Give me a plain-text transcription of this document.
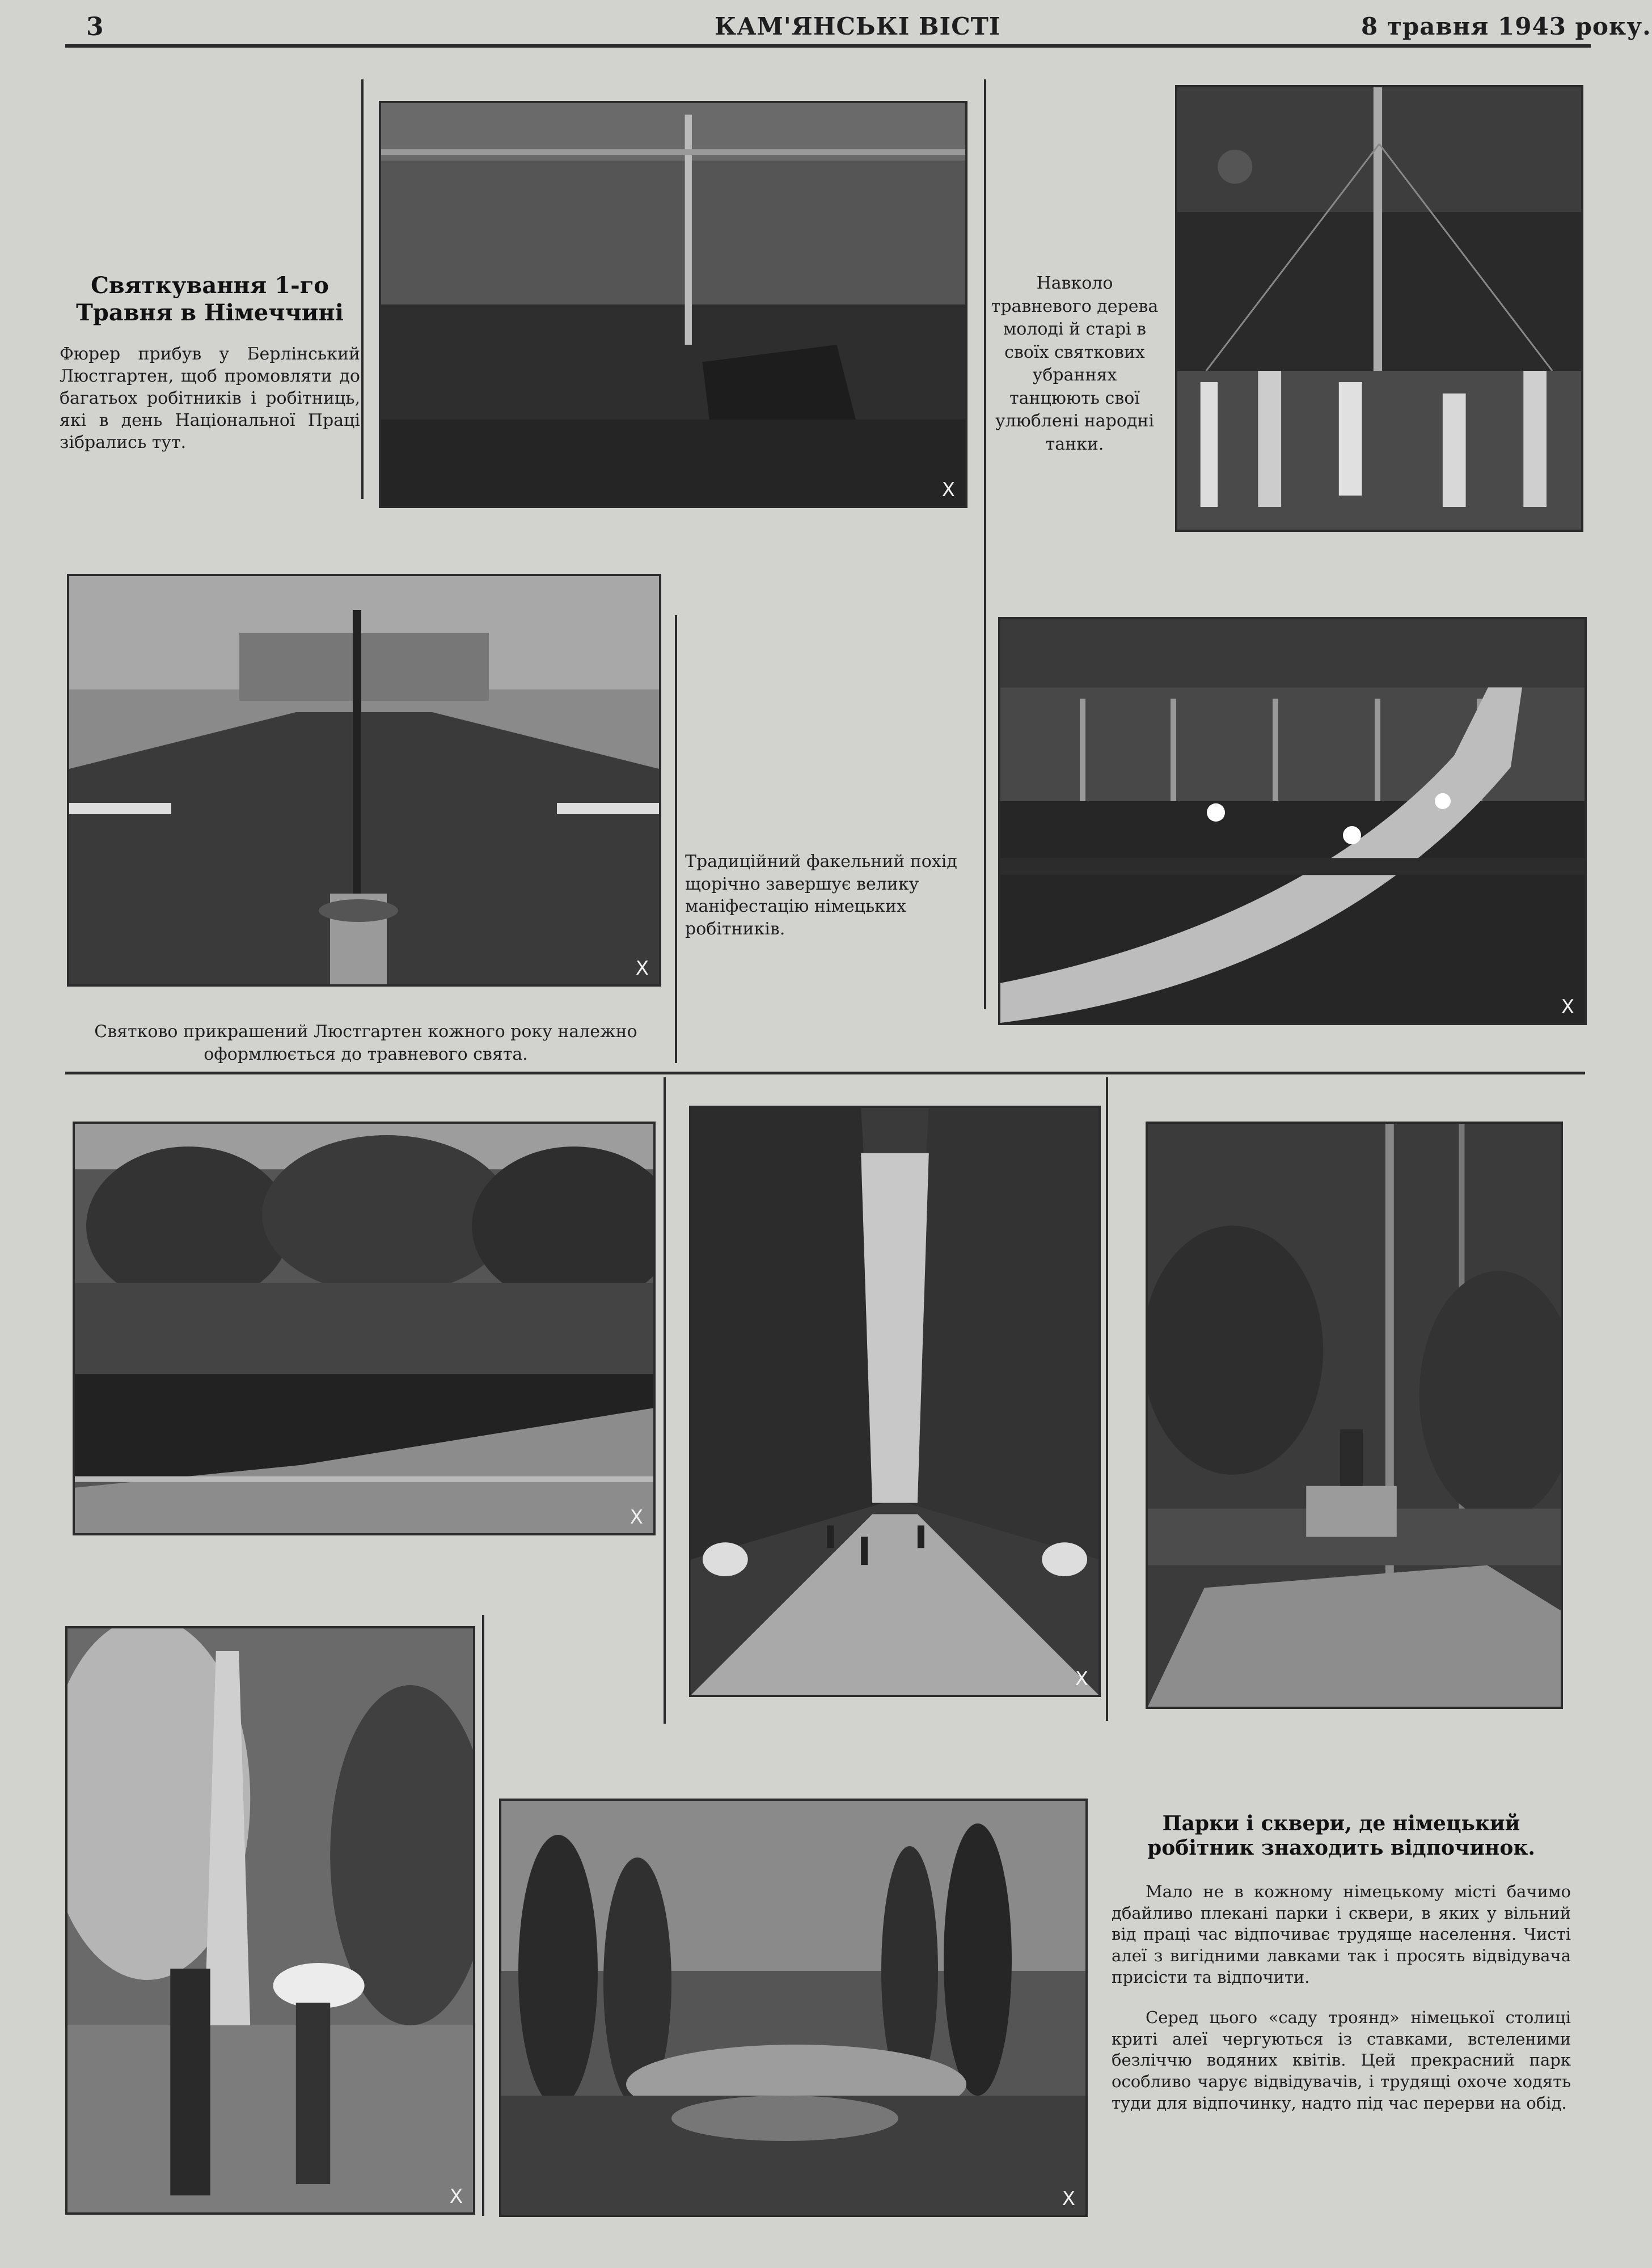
3	КАМ'ЯНСЬКІ ВІСТІ	8 травня 1943 року.
Святкування 1-го Травня в Німеччині
Фюрер прибув у Берлінський Люстгартен, щоб промовляти до багатьох робітників і робітниць, які в день Національної Праці зібрались тут.
X
Навколо травневого дерева молоді й старі в своїх святкових убраннях танцюють свої улюблені народні танки.
X
Святково прикрашений Люстгартен кожного року належно оформлюється до травневого свята.
Традиційний факельний похід щорічно завершує велику маніфестацію німецьких робітників.
X
X
X
X	X
Парки і сквери, де німецький робітник знаходить відпочинок.
Мало не в кожному німецькому місті бачимо дбайливо плекані парки і сквери, в яких у вільний від праці час відпочиває трудяще населення. Чисті алеї з вигідними лавками так і просять відвідувача присісти та відпочити.
Серед цього «саду троянд» німецької столиці криті алеї чергуються із ставками, встеленими безліччю водяних квітів. Цей прекрасний парк особливо чарує відвідувачів, і трудящі охоче ходять туди для відпочинку, надто під час перерви на обід.
